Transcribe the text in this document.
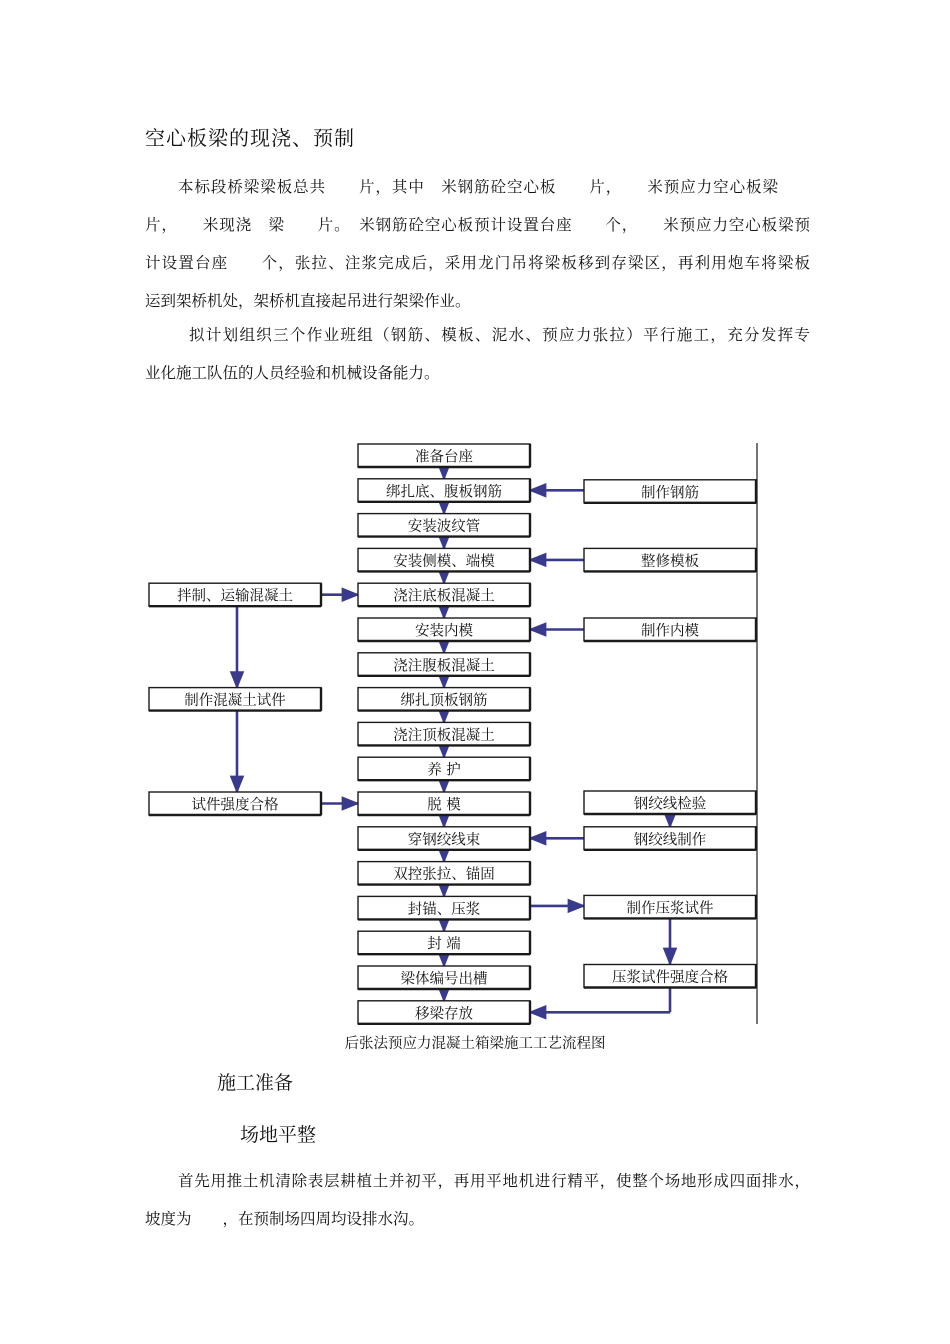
空心板梁的现浇、预制
本标段桥梁梁板总共　　片，其中　米钢筋砼空心板　　片，　　米预应力空心板梁
片，　　米现浇　梁　　片。　米钢筋砼空心板预计设置台座　　个，　　米预应力空心板梁预
计设置台座　　个，张拉、注浆完成后，采用龙门吊将梁板移到存梁区，再利用炮车将梁板
运到架桥机处，架桥机直接起吊进行架梁作业。
拟计划组织三个作业班组（钢筋、模板、泥水、预应力张拉）平行施工，充分发挥专
业化施工队伍的人员经验和机械设备能力。
准备台座
绑扎底、腹板钢筋
安装波纹管
安装侧模、端模
浇注底板混凝土
安装内模
浇注腹板混凝土
绑扎顶板钢筋
浇注顶板混凝土
养 护
脱 模
穿钢绞线束
双控张拉、锚固
封锚、压浆
封 端
梁体编号出槽
移梁存放
拌制、运输混凝土
制作混凝土试件
试件强度合格
制作钢筋
整修模板
制作内模
钢绞线检验
钢绞线制作
制作压浆试件
压浆试件强度合格
后张法预应力混凝土箱梁施工工艺流程图
施工准备
场地平整
首先用推土机清除表层耕植土并初平，再用平地机进行精平，使整个场地形成四面排水，
坡度为　　，在预制场四周均设排水沟。
